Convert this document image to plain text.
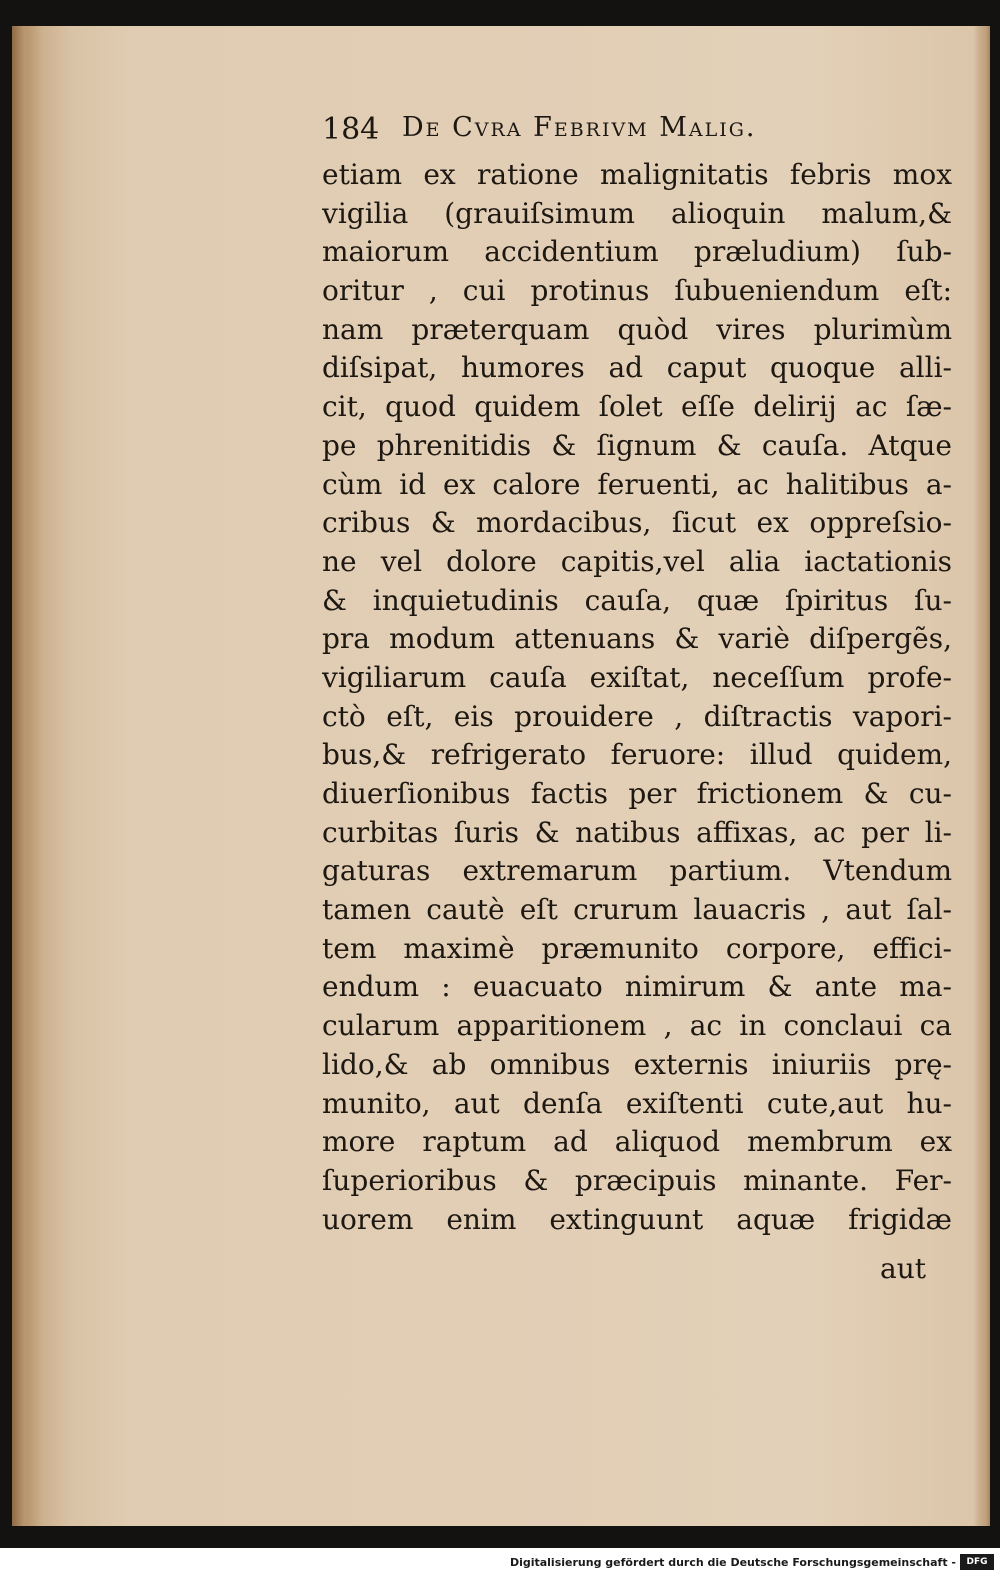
184 De Cvra Febrivm Malig.
etiam ex ratione malignitatis febris mox
vigilia (grauiſsimum alioquin malum,&
maiorum accidentium præludium) ſub-
oritur , cui protinus ſubueniendum eſt:
nam præterquam quòd vires plurimùm
diſsipat, humores ad caput quoque alli-
cit, quod quidem ſolet eſſe delirij ac ſæ-
pe phrenitidis & ſignum & cauſa. Atque
cùm id ex calore feruenti, ac halitibus a-
cribus & mordacibus, ſicut ex oppreſsio-
ne vel dolore capitis,vel alia iactationis
& inquietudinis cauſa, quæ ſpiritus ſu-
pra modum attenuans & variè diſpergẽs,
vigiliarum cauſa exiſtat, neceſſum profe-
ctò eſt, eis prouidere , diſtractis vapori-
bus,& refrigerato feruore: illud quidem,
diuerſionibus factis per frictionem & cu-
curbitas ſuris & natibus affixas, ac per li-
gaturas extremarum partium. Vtendum
tamen cautè eſt crurum lauacris , aut ſal-
tem maximè præmunito corpore, effici-
endum : euacuato nimirum & ante ma-
cularum apparitionem , ac in conclaui ca
lido,& ab omnibus externis iniuriis prę-
munito, aut denſa exiſtenti cute,aut hu-
more raptum ad aliquod membrum ex
ſuperioribus & præcipuis minante. Fer-
uorem enim extinguunt aquæ frigidæ
aut
Digitalisierung gefördert durch die Deutsche Forschungsgemeinschaft -	DFG
